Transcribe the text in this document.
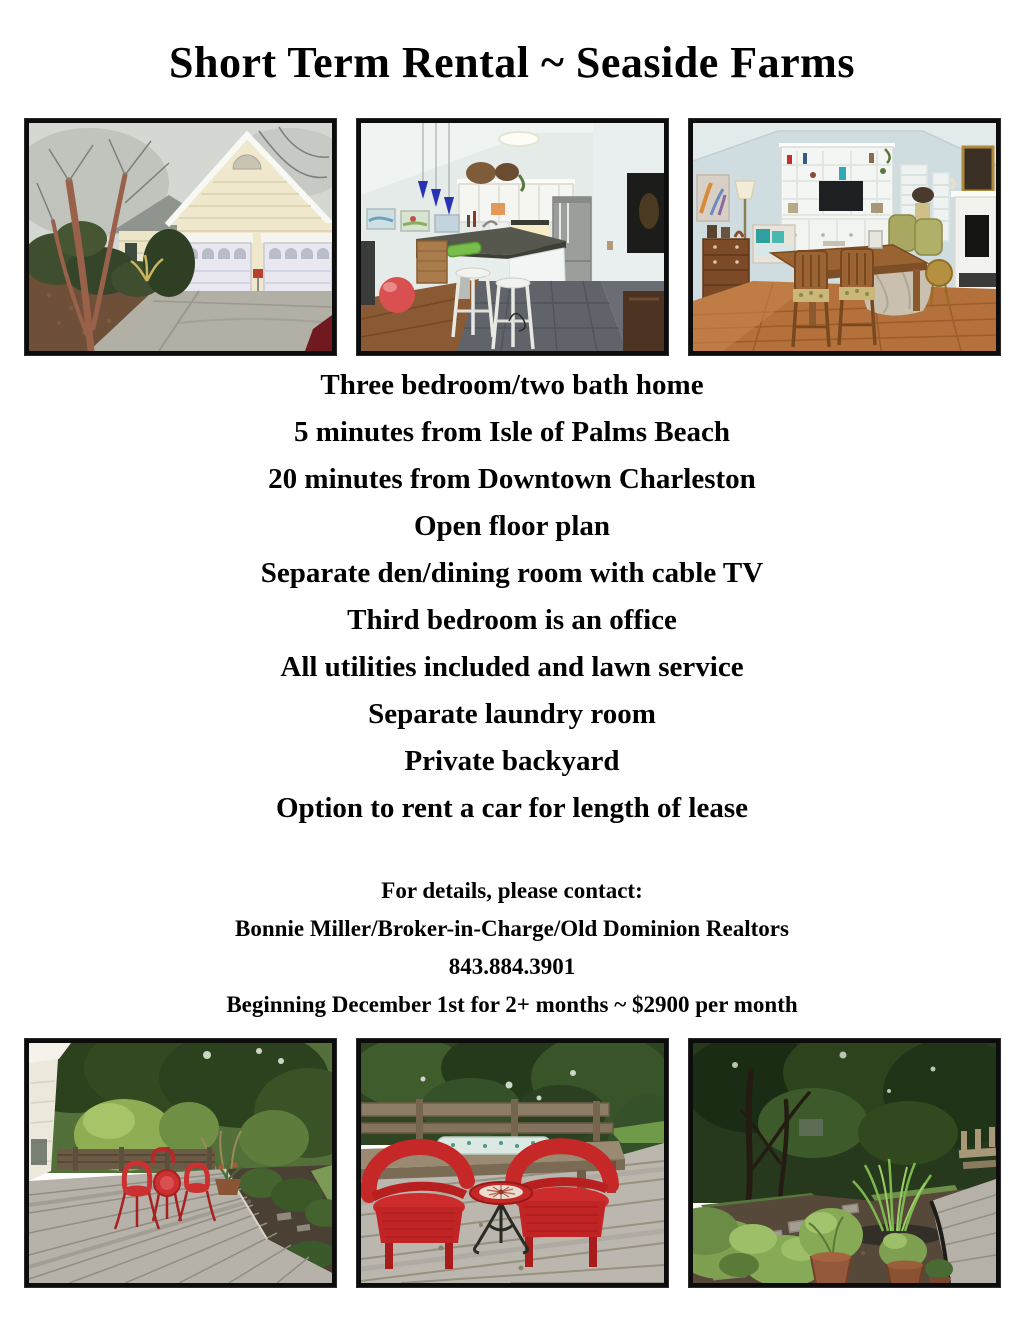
Short Term Rental ~ Seaside Farms

Three bedroom/two bath home

5 minutes from Isle of Palms Beach

20 minutes from Downtown Charleston

Open floor plan

Separate den/dining room with cable TV

Third bedroom is an office

All utilities included and lawn service

Separate laundry room

Private backyard

Option to rent a car for length of lease

For details, please contact:

Bonnie Miller/Broker-in-Charge/Old Dominion Realtors

843.884.3901

Beginning December 1st for 2+ months ~ $2900 per month
